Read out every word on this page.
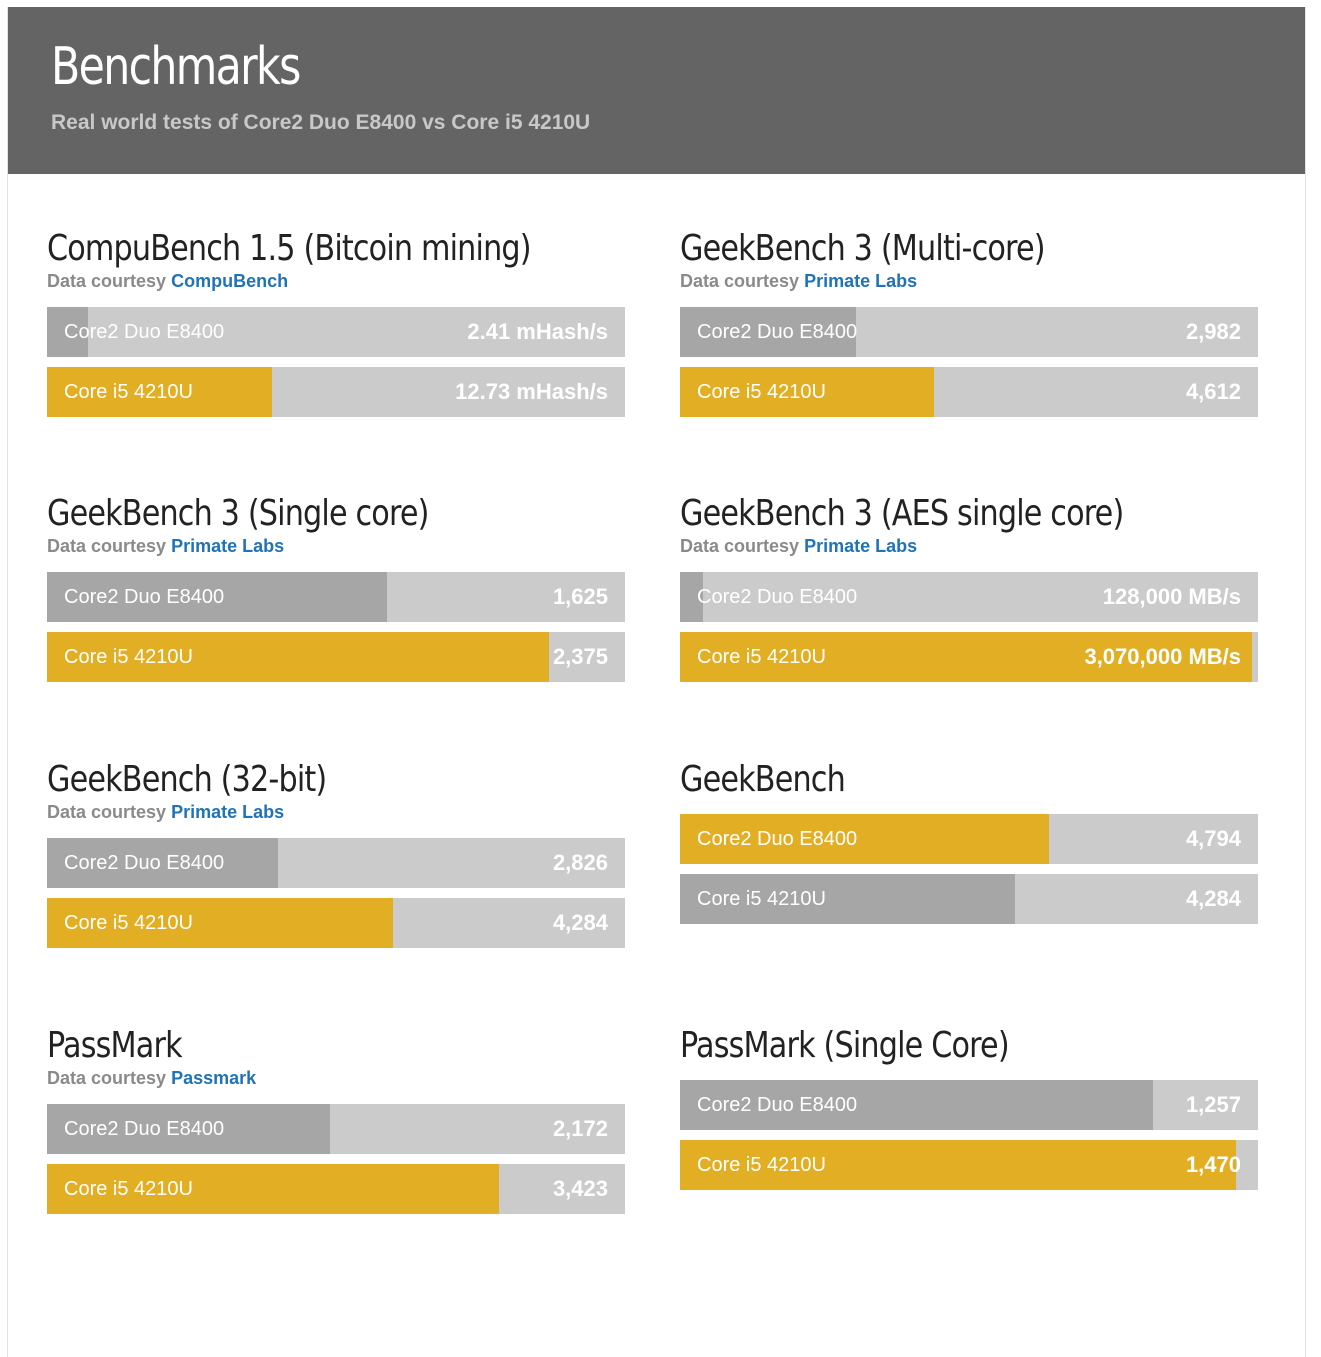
Benchmarks
Real world tests of Core2 Duo E8400 vs Core i5 4210U
CompuBench 1.5 (Bitcoin mining)
Data courtesy CompuBench
Core2 Duo E8400	2.41 mHash/s
Core i5 4210U	12.73 mHash/s
GeekBench 3 (Multi-core)
Data courtesy Primate Labs
Core2 Duo E8400	2,982
Core i5 4210U	4,612
GeekBench 3 (Single core)
Data courtesy Primate Labs
Core2 Duo E8400	1,625
Core i5 4210U	2,375
GeekBench 3 (AES single core)
Data courtesy Primate Labs
Core2 Duo E8400	128,000 MB/s
Core i5 4210U	3,070,000 MB/s
GeekBench (32-bit)
Data courtesy Primate Labs
Core2 Duo E8400	2,826
Core i5 4210U	4,284
GeekBench
Core2 Duo E8400	4,794
Core i5 4210U	4,284
PassMark
Data courtesy Passmark
Core2 Duo E8400	2,172
Core i5 4210U	3,423
PassMark (Single Core)
Core2 Duo E8400	1,257
Core i5 4210U	1,470
